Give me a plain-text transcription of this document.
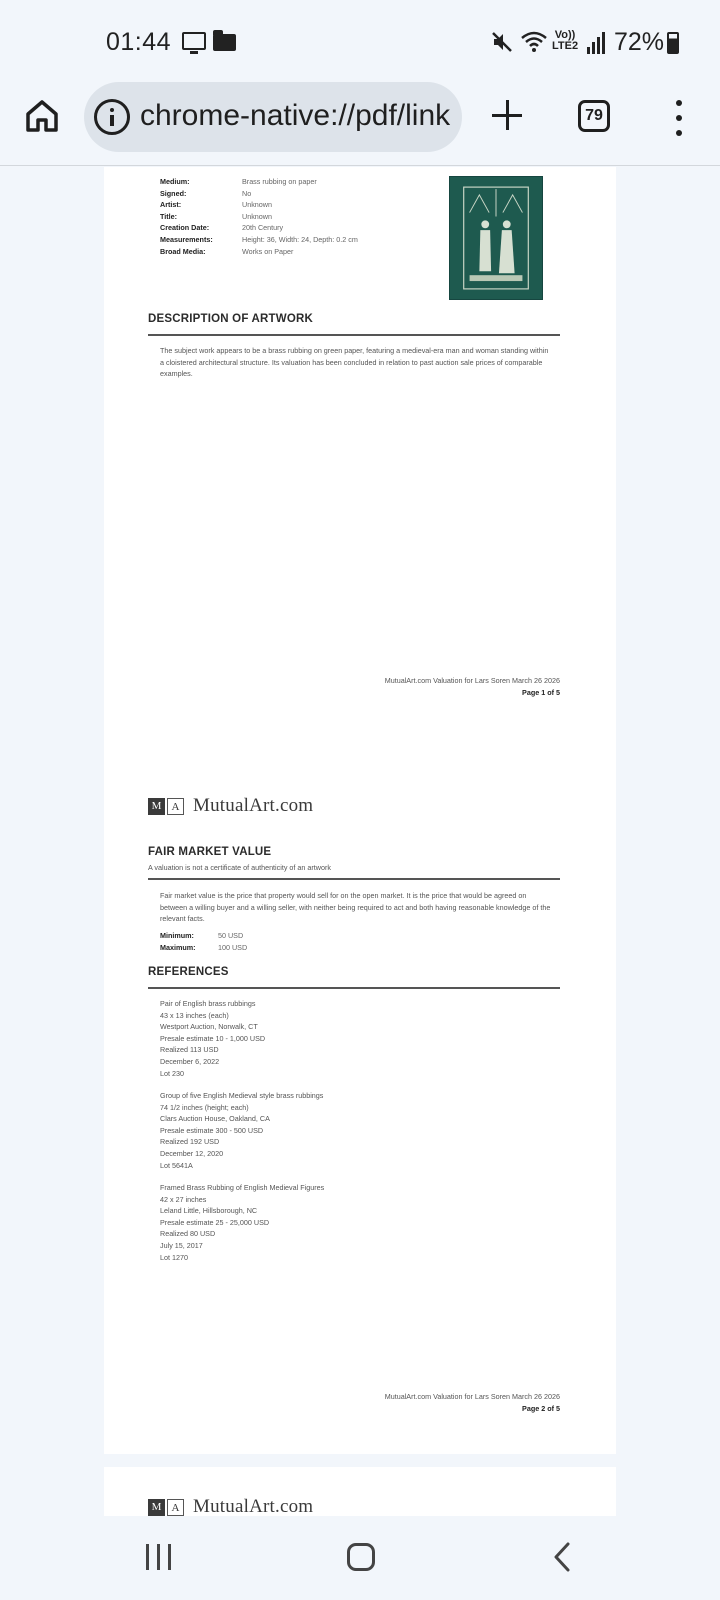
01:44	Vo))
LTE2 72%
chrome-native://pdf/link	79
Medium:	Brass rubbing on paper
Signed:	No
Artist:	Unknown
Title:	Unknown
Creation Date:	20th Century
Measurements:	Height: 36, Width: 24, Depth: 0.2 cm
Broad Media:	Works on Paper
DESCRIPTION OF ARTWORK
The subject work appears to be a brass rubbing on green paper, featuring a medieval-era man and woman standing within a cloistered architectural structure. Its valuation has been concluded in relation to past auction sale prices of comparable examples.
MutualArt.com Valuation for Lars Soren March 26 2026
Page 1 of 5
M A MutualArt.com
FAIR MARKET VALUE
A valuation is not a certificate of authenticity of an artwork
Fair market value is the price that property would sell for on the open market. It is the price that would be agreed on between a willing buyer and a willing seller, with neither being required to act and both having reasonable knowledge of the relevant facts.
Minimum:	50 USD
Maximum:	100 USD
REFERENCES
Pair of English brass rubbings
43 x 13 inches (each)
Westport Auction, Norwalk, CT
Presale estimate 10 - 1,000 USD
Realized 113 USD
December 6, 2022
Lot 230
Group of five English Medieval style brass rubbings
74 1/2 inches (height; each)
Clars Auction House, Oakland, CA
Presale estimate 300 - 500 USD
Realized 192 USD
December 12, 2020
Lot 5641A
Framed Brass Rubbing of English Medieval Figures
42 x 27 inches
Leland Little, Hillsborough, NC
Presale estimate 25 - 25,000 USD
Realized 80 USD
July 15, 2017
Lot 1270
MutualArt.com Valuation for Lars Soren March 26 2026
Page 2 of 5
M A MutualArt.com
